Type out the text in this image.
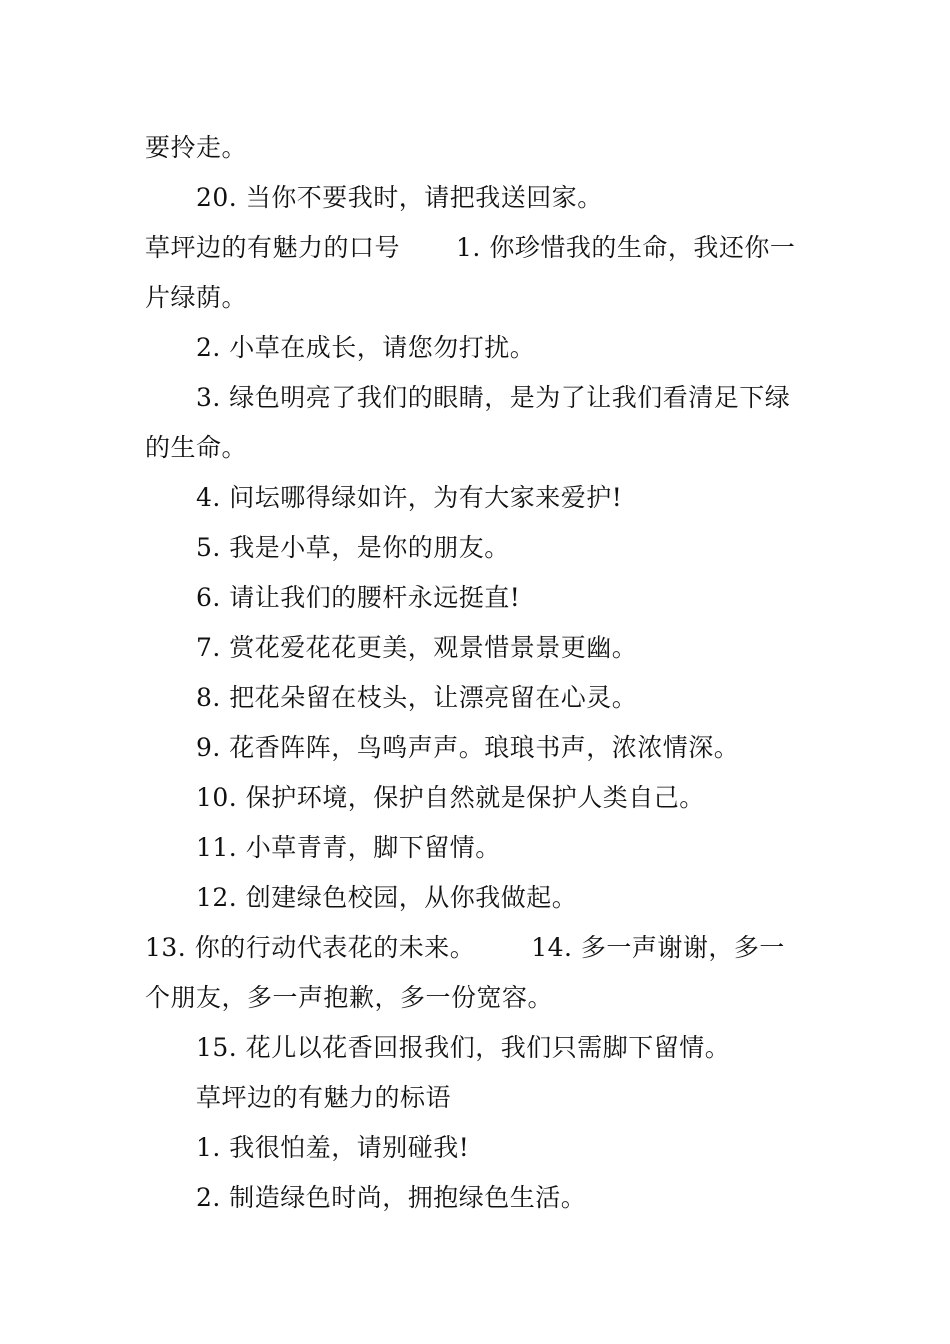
要拎走。
20. 当你不要我时，请把我送回家。
草坪边的有魅力的口号 1. 你珍惜我的生命，我还你一
片绿荫。
2. 小草在成长，请您勿打扰。
3. 绿色明亮了我们的眼睛，是为了让我们看清足下绿
的生命。
4. 问坛哪得绿如许，为有大家来爱护!
5. 我是小草，是你的朋友。
6. 请让我们的腰杆永远挺直!
7. 赏花爱花花更美，观景惜景景更幽。
8. 把花朵留在枝头，让漂亮留在心灵。
9. 花香阵阵，鸟鸣声声。琅琅书声，浓浓情深。
10. 保护环境，保护自然就是保护人类自己。
11. 小草青青，脚下留情。
12. 创建绿色校园，从你我做起。
13. 你的行动代表花的未来。 14. 多一声谢谢，多一
个朋友，多一声抱歉，多一份宽容。
15. 花儿以花香回报我们，我们只需脚下留情。
草坪边的有魅力的标语
1. 我很怕羞，请别碰我!
2. 制造绿色时尚，拥抱绿色生活。
